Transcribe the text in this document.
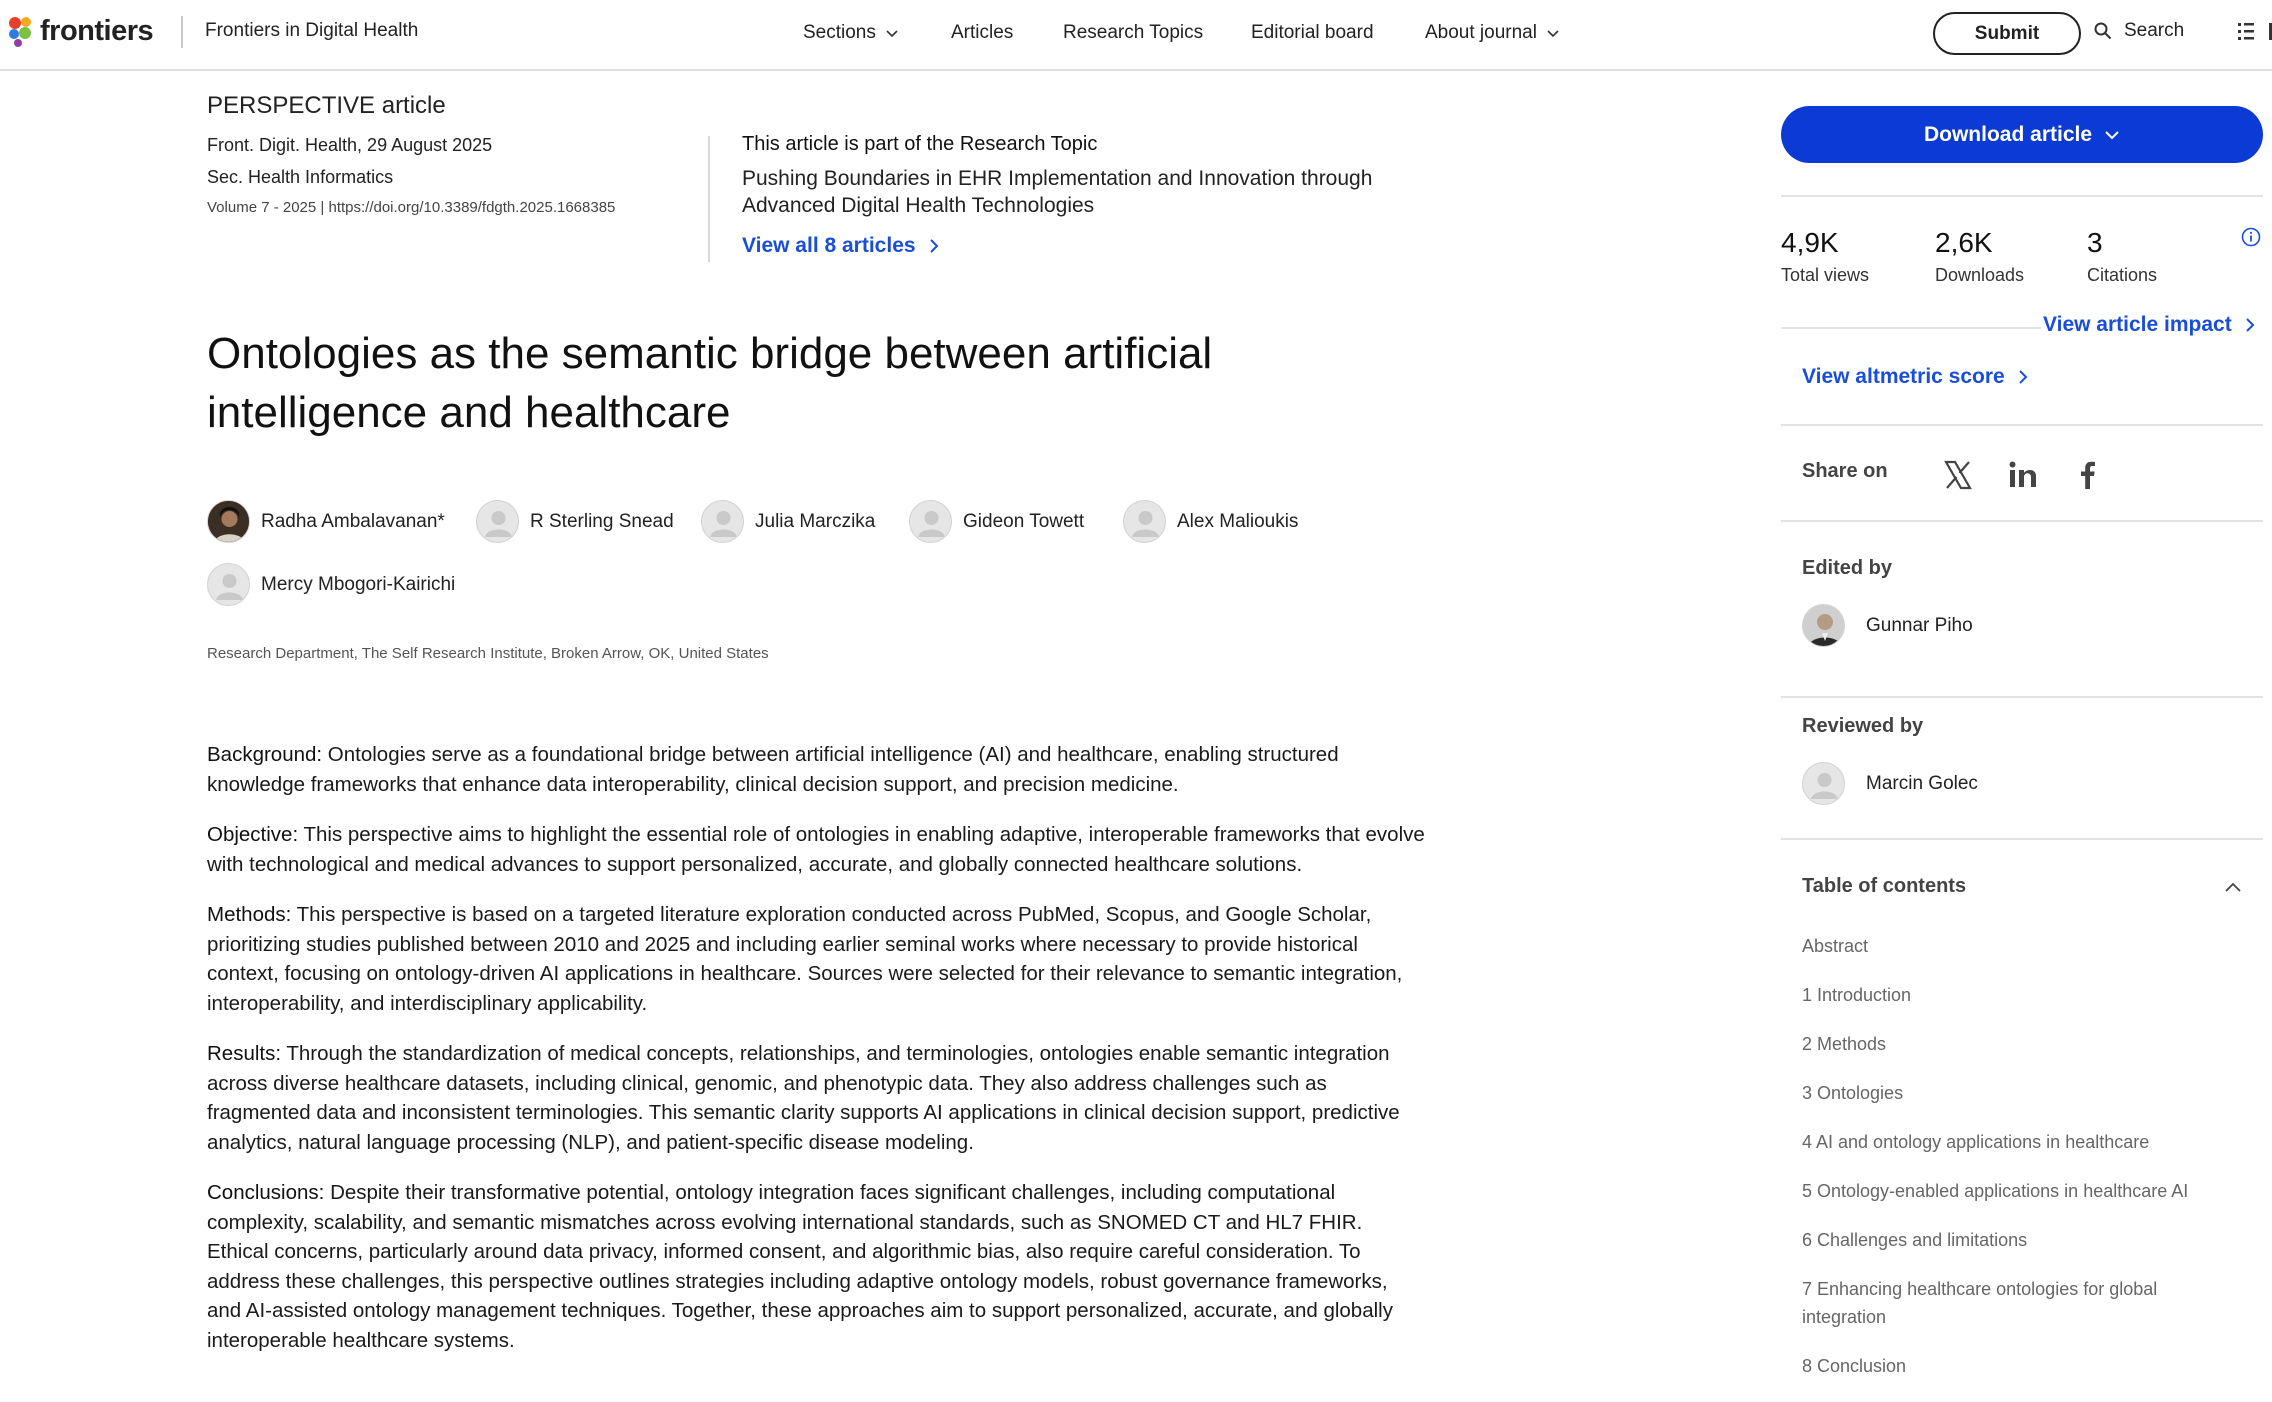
frontiers	Frontiers in Digital Health	Sections	Articles	Research Topics	Editorial board	About journal	Submit	Search
PERSPECTIVE article
Front. Digit. Health, 29 August 2025
Sec. Health Informatics
Volume 7 - 2025 | https://doi.org/10.3389/fdgth.2025.1668385
This article is part of the Research Topic
Pushing Boundaries in EHR Implementation and Innovation through Advanced Digital Health Technologies
View all 8 articles
Ontologies as the semantic bridge between artificial intelligence and healthcare
Radha Ambalavanan*	R Sterling Snead	Julia Marczika	Gideon Towett	Alex Malioukis
Mercy Mbogori-Kairichi
Research Department, The Self Research Institute, Broken Arrow, OK, United States

Background: Ontologies serve as a foundational bridge between artificial intelligence (AI) and healthcare, enabling structured knowledge frameworks that enhance data interoperability, clinical decision support, and precision medicine.

Objective: This perspective aims to highlight the essential role of ontologies in enabling adaptive, interoperable frameworks that evolve with technological and medical advances to support personalized, accurate, and globally connected healthcare solutions.

Methods: This perspective is based on a targeted literature exploration conducted across PubMed, Scopus, and Google Scholar, prioritizing studies published between 2010 and 2025 and including earlier seminal works where necessary to provide historical context, focusing on ontology-driven AI applications in healthcare. Sources were selected for their relevance to semantic integration, interoperability, and interdisciplinary applicability.

Results: Through the standardization of medical concepts, relationships, and terminologies, ontologies enable semantic integration across diverse healthcare datasets, including clinical, genomic, and phenotypic data. They also address challenges such as fragmented data and inconsistent terminologies. This semantic clarity supports AI applications in clinical decision support, predictive analytics, natural language processing (NLP), and patient-specific disease modeling.

Conclusions: Despite their transformative potential, ontology integration faces significant challenges, including computational complexity, scalability, and semantic mismatches across evolving international standards, such as SNOMED CT and HL7 FHIR. Ethical concerns, particularly around data privacy, informed consent, and algorithmic bias, also require careful consideration. To address these challenges, this perspective outlines strategies including adaptive ontology models, robust governance frameworks, and AI-assisted ontology management techniques. Together, these approaches aim to support personalized, accurate, and globally interoperable healthcare systems.

Download article
4,9K
Total views
2,6K
Downloads
3
Citations
View article impact
View altmetric score
Share on
Edited by
Gunnar Piho
Reviewed by
Marcin Golec
Table of contents
Abstract
1 Introduction
2 Methods
3 Ontologies
4 AI and ontology applications in healthcare
5 Ontology-enabled applications in healthcare AI
6 Challenges and limitations
7 Enhancing healthcare ontologies for global integration
8 Conclusion
